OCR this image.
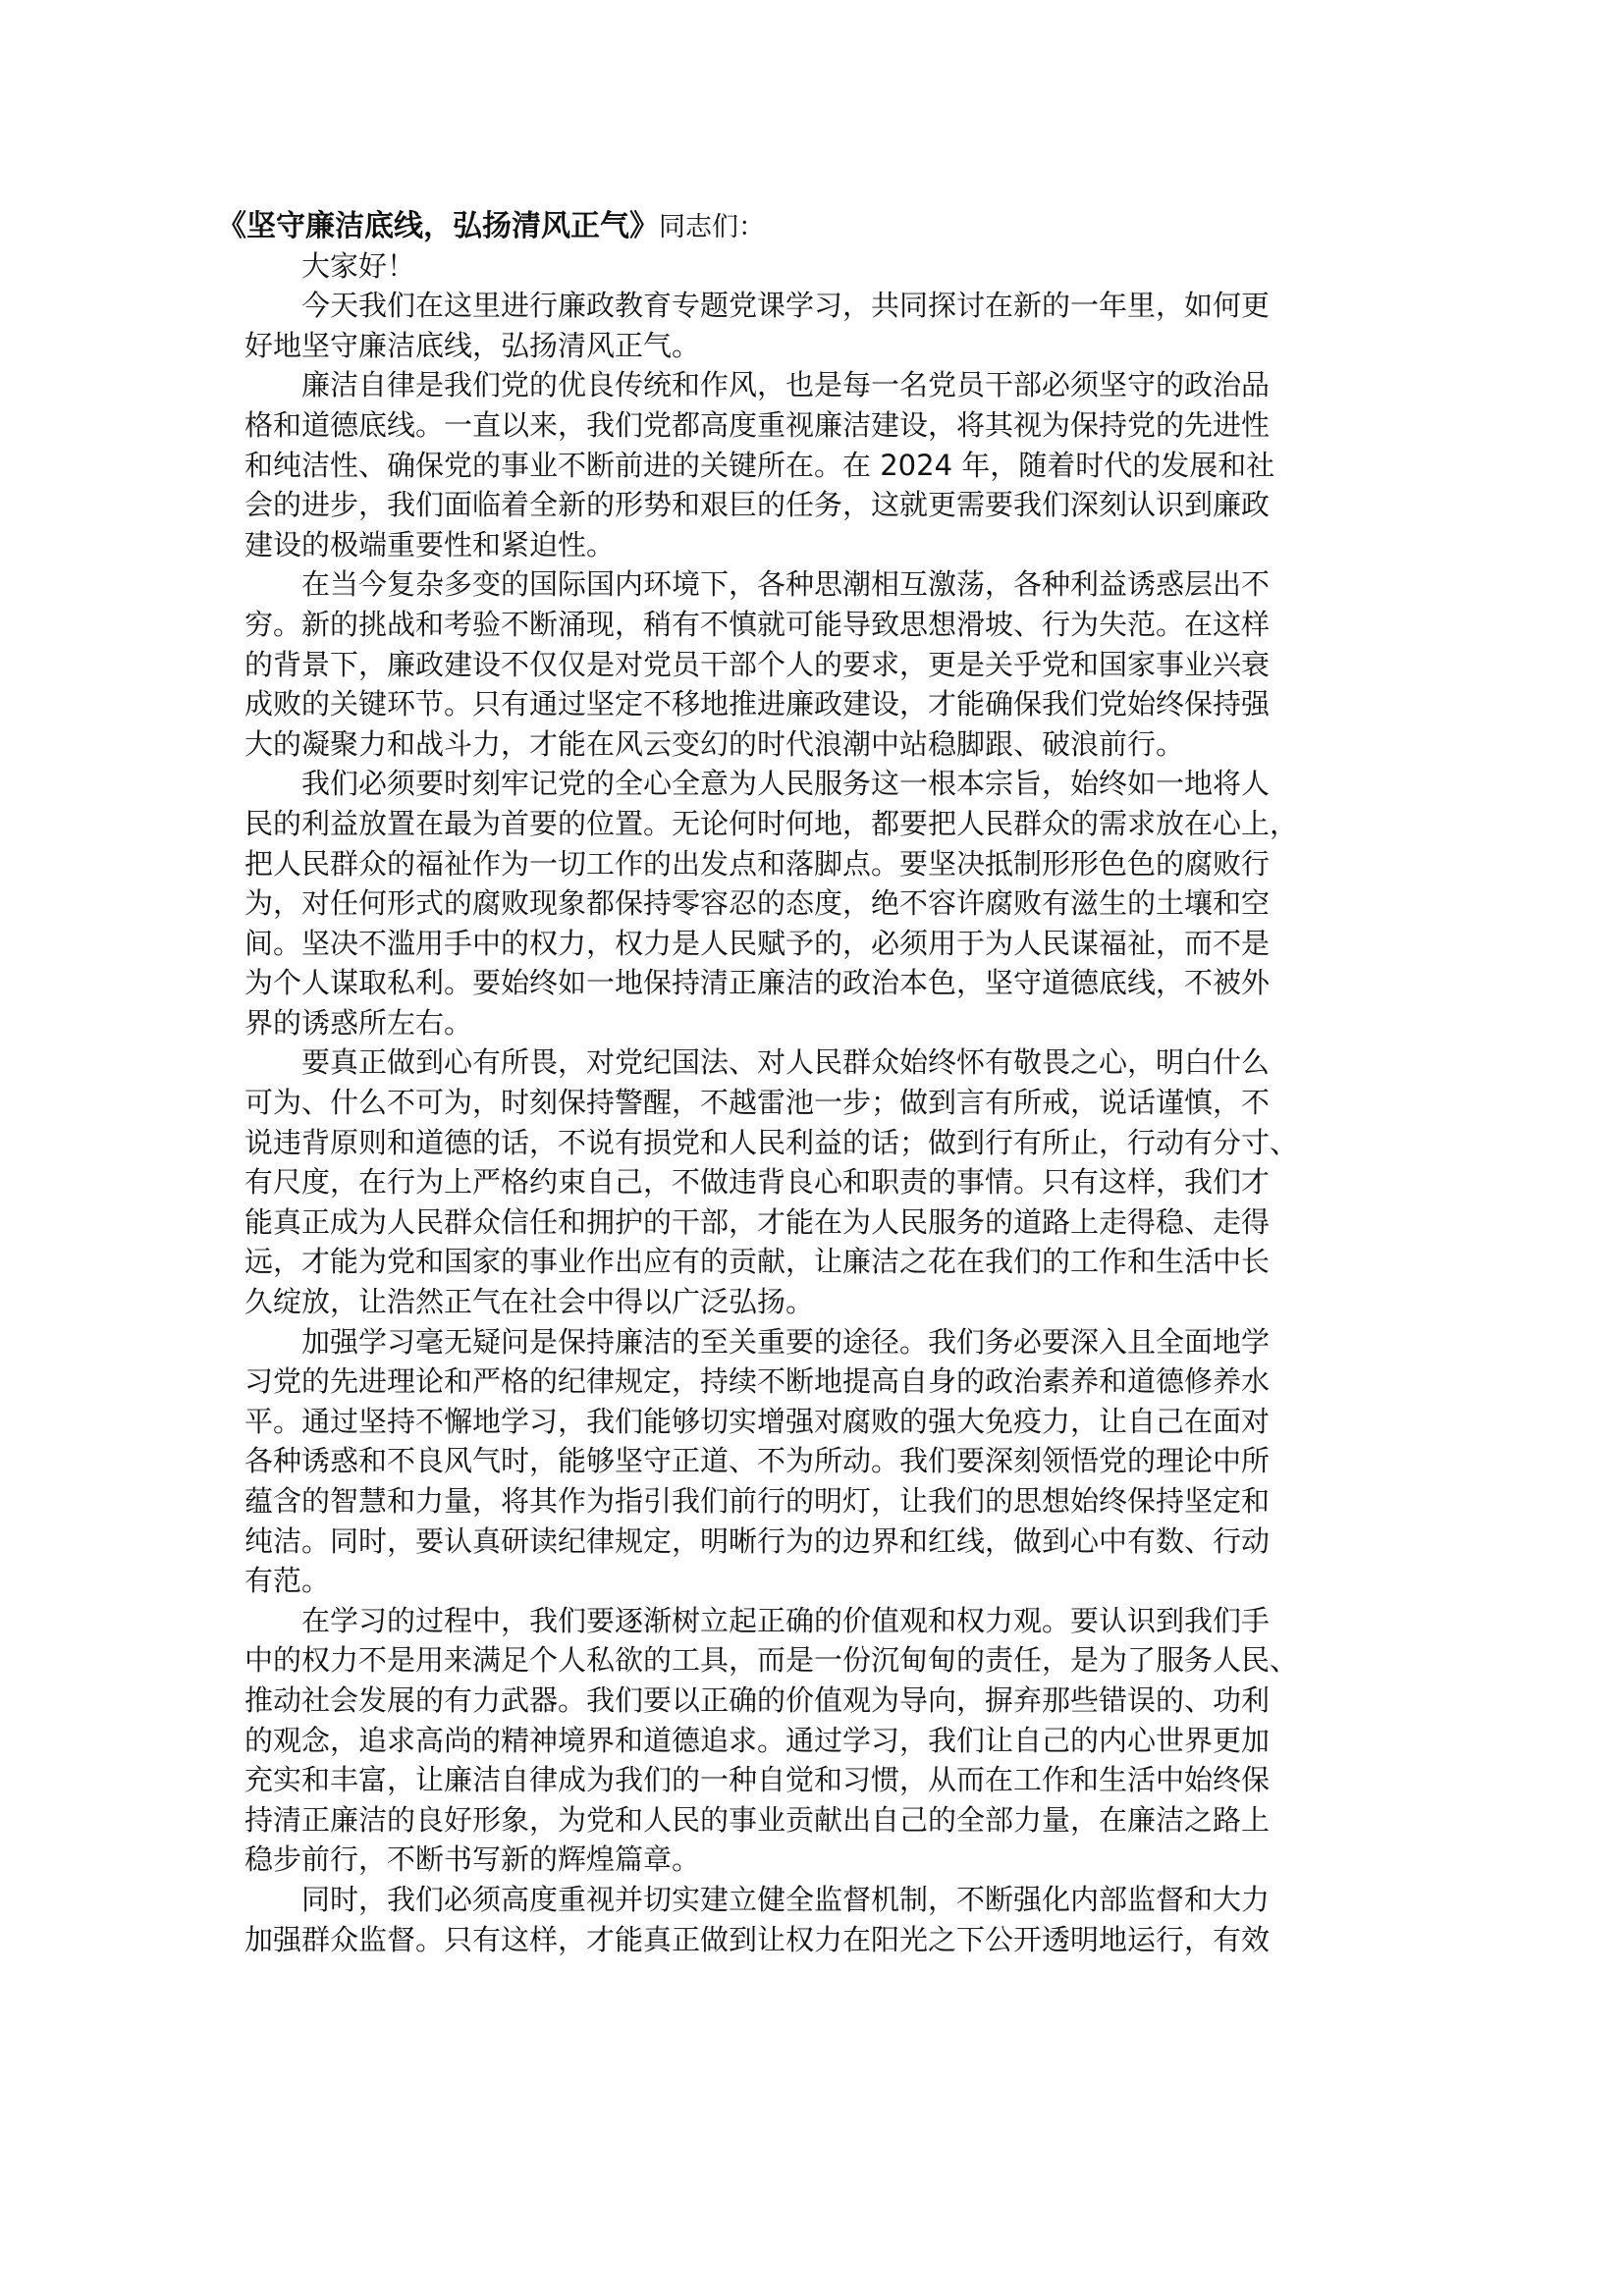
《坚守廉洁底线，弘扬清风正气》同志们：
大家好！
今天我们在这里进行廉政教育专题党课学习，共同探讨在新的一年里，如何更
好地坚守廉洁底线，弘扬清风正气。
廉洁自律是我们党的优良传统和作风，也是每一名党员干部必须坚守的政治品
格和道德底线。一直以来，我们党都高度重视廉洁建设，将其视为保持党的先进性
和纯洁性、确保党的事业不断前进的关键所在。在 2024 年，随着时代的发展和社
会的进步，我们面临着全新的形势和艰巨的任务，这就更需要我们深刻认识到廉政
建设的极端重要性和紧迫性。
在当今复杂多变的国际国内环境下，各种思潮相互激荡，各种利益诱惑层出不
穷。新的挑战和考验不断涌现，稍有不慎就可能导致思想滑坡、行为失范。在这样
的背景下，廉政建设不仅仅是对党员干部个人的要求，更是关乎党和国家事业兴衰
成败的关键环节。只有通过坚定不移地推进廉政建设，才能确保我们党始终保持强
大的凝聚力和战斗力，才能在风云变幻的时代浪潮中站稳脚跟、破浪前行。
我们必须要时刻牢记党的全心全意为人民服务这一根本宗旨，始终如一地将人
民的利益放置在最为首要的位置。无论何时何地，都要把人民群众的需求放在心上，
把人民群众的福祉作为一切工作的出发点和落脚点。要坚决抵制形形色色的腐败行
为，对任何形式的腐败现象都保持零容忍的态度，绝不容许腐败有滋生的土壤和空
间。坚决不滥用手中的权力，权力是人民赋予的，必须用于为人民谋福祉，而不是
为个人谋取私利。要始终如一地保持清正廉洁的政治本色，坚守道德底线，不被外
界的诱惑所左右。
要真正做到心有所畏，对党纪国法、对人民群众始终怀有敬畏之心，明白什么
可为、什么不可为，时刻保持警醒，不越雷池一步；做到言有所戒，说话谨慎，不
说违背原则和道德的话，不说有损党和人民利益的话；做到行有所止，行动有分寸、
有尺度，在行为上严格约束自己，不做违背良心和职责的事情。只有这样，我们才
能真正成为人民群众信任和拥护的干部，才能在为人民服务的道路上走得稳、走得
远，才能为党和国家的事业作出应有的贡献，让廉洁之花在我们的工作和生活中长
久绽放，让浩然正气在社会中得以广泛弘扬。
加强学习毫无疑问是保持廉洁的至关重要的途径。我们务必要深入且全面地学
习党的先进理论和严格的纪律规定，持续不断地提高自身的政治素养和道德修养水
平。通过坚持不懈地学习，我们能够切实增强对腐败的强大免疫力，让自己在面对
各种诱惑和不良风气时，能够坚守正道、不为所动。我们要深刻领悟党的理论中所
蕴含的智慧和力量，将其作为指引我们前行的明灯，让我们的思想始终保持坚定和
纯洁。同时，要认真研读纪律规定，明晰行为的边界和红线，做到心中有数、行动
有范。
在学习的过程中，我们要逐渐树立起正确的价值观和权力观。要认识到我们手
中的权力不是用来满足个人私欲的工具，而是一份沉甸甸的责任，是为了服务人民、
推动社会发展的有力武器。我们要以正确的价值观为导向，摒弃那些错误的、功利
的观念，追求高尚的精神境界和道德追求。通过学习，我们让自己的内心世界更加
充实和丰富，让廉洁自律成为我们的一种自觉和习惯，从而在工作和生活中始终保
持清正廉洁的良好形象，为党和人民的事业贡献出自己的全部力量，在廉洁之路上
稳步前行，不断书写新的辉煌篇章。
同时，我们必须高度重视并切实建立健全监督机制，不断强化内部监督和大力
加强群众监督。只有这样，才能真正做到让权力在阳光之下公开透明地运行，有效
